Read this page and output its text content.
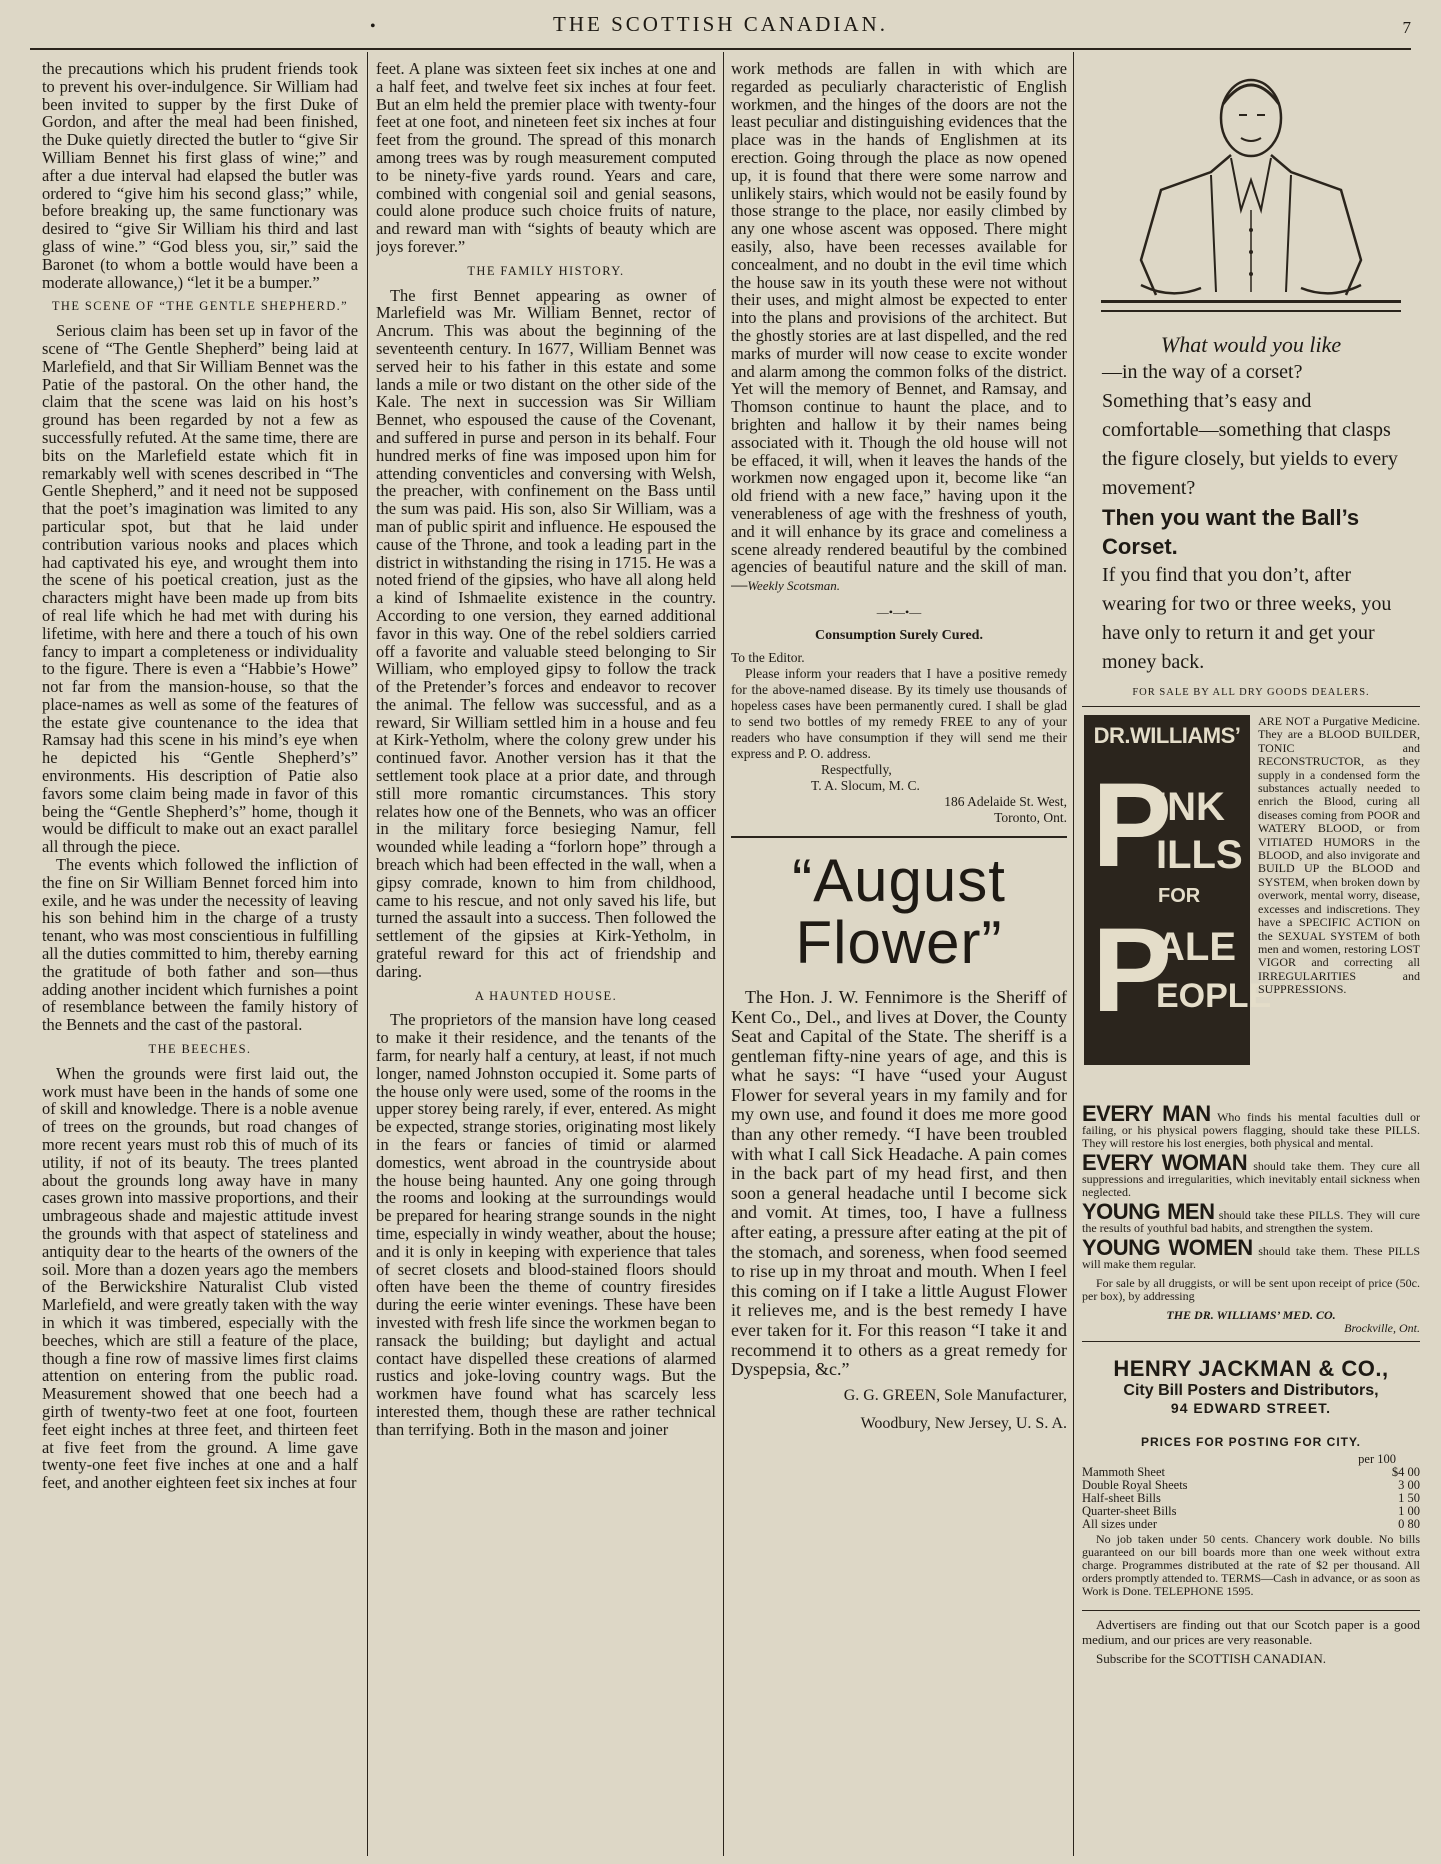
•	THE SCOTTISH CANADIAN.	7

the precautions which his prudent friends took to prevent his over-indulgence. Sir William had been invited to supper by the first Duke of Gordon, and after the meal had been finished, the Duke quietly directed the butler to “give Sir William Bennet his first glass of wine;” and after a due interval had elapsed the butler was ordered to “give him his second glass;” while, before breaking up, the same functionary was desired to “give Sir William his third and last glass of wine.” “God bless you, sir,” said the Baronet (to whom a bottle would have been a moderate allowance,) “let it be a bumper.”

THE SCENE OF “THE GENTLE SHEPHERD.”

Serious claim has been set up in favor of the scene of “The Gentle Shepherd” being laid at Marlefield, and that Sir William Bennet was the Patie of the pastoral. On the other hand, the claim that the scene was laid on his host’s ground has been regarded by not a few as successfully refuted. At the same time, there are bits on the Marlefield estate which fit in remarkably well with scenes described in “The Gentle Shepherd,” and it need not be supposed that the poet’s imagination was limited to any particular spot, but that he laid under contribution various nooks and places which had captivated his eye, and wrought them into the scene of his poetical creation, just as the characters might have been made up from bits of real life which he had met with during his lifetime, with here and there a touch of his own fancy to impart a completeness or individuality to the figure. There is even a “Habbie’s Howe” not far from the mansion-house, so that the place-names as well as some of the features of the estate give countenance to the idea that Ramsay had this scene in his mind’s eye when he depicted his “Gentle Shepherd’s” environments. His description of Patie also favors some claim being made in favor of this being the “Gentle Shepherd’s” home, though it would be difficult to make out an exact parallel all through the piece.

The events which followed the infliction of the fine on Sir William Bennet forced him into exile, and he was under the necessity of leaving his son behind him in the charge of a trusty tenant, who was most conscientious in fulfilling all the duties committed to him, thereby earning the gratitude of both father and son—thus adding another incident which furnishes a point of resemblance between the family history of the Bennets and the cast of the pastoral.

THE BEECHES.

When the grounds were first laid out, the work must have been in the hands of some one of skill and knowledge. There is a noble avenue of trees on the grounds, but road changes of more recent years must rob this of much of its utility, if not of its beauty. The trees planted about the grounds long away have in many cases grown into massive proportions, and their umbrageous shade and majestic attitude invest the grounds with that aspect of stateliness and antiquity dear to the hearts of the owners of the soil. More than a dozen years ago the members of the Berwickshire Naturalist Club visted Marlefield, and were greatly taken with the way in which it was timbered, especially with the beeches, which are still a feature of the place, though a fine row of massive limes first claims attention on entering from the public road. Measurement showed that one beech had a girth of twenty-two feet at one foot, fourteen feet eight inches at three feet, and thirteen feet at five feet from the ground. A lime gave twenty-one feet five inches at one and a half feet, and another eighteen feet six inches at four

feet. A plane was sixteen feet six inches at one and a half feet, and twelve feet six inches at four feet. But an elm held the premier place with twenty-four feet at one foot, and nineteen feet six inches at four feet from the ground. The spread of this monarch among trees was by rough measurement computed to be ninety-five yards round. Years and care, combined with congenial soil and genial seasons, could alone produce such choice fruits of nature, and reward man with “sights of beauty which are joys forever.”

THE FAMILY HISTORY.

The first Bennet appearing as owner of Marlefield was Mr. William Bennet, rector of Ancrum. This was about the beginning of the seventeenth century. In 1677, William Bennet was served heir to his father in this estate and some lands a mile or two distant on the other side of the Kale. The next in succession was Sir William Bennet, who espoused the cause of the Covenant, and suffered in purse and person in its behalf. Four hundred merks of fine was imposed upon him for attending conventicles and conversing with Welsh, the preacher, with confinement on the Bass until the sum was paid. His son, also Sir William, was a man of public spirit and influence. He espoused the cause of the Throne, and took a leading part in the district in withstanding the rising in 1715. He was a noted friend of the gipsies, who have all along held a kind of Ishmaelite existence in the country. According to one version, they earned additional favor in this way. One of the rebel soldiers carried off a favorite and valuable steed belonging to Sir William, who employed gipsy to follow the track of the Pretender’s forces and endeavor to recover the animal. The fellow was successful, and as a reward, Sir William settled him in a house and feu at Kirk-Yetholm, where the colony grew under his continued favor. Another version has it that the settlement took place at a prior date, and through still more romantic circumstances. This story relates how one of the Bennets, who was an officer in the military force besieging Namur, fell wounded while leading a “forlorn hope” through a breach which had been effected in the wall, when a gipsy comrade, known to him from childhood, came to his rescue, and not only saved his life, but turned the assault into a success. Then followed the settlement of the gipsies at Kirk-Yetholm, in grateful reward for this act of friendship and daring.

A HAUNTED HOUSE.

The proprietors of the mansion have long ceased to make it their residence, and the tenants of the farm, for nearly half a century, at least, if not much longer, named Johnston occupied it. Some parts of the house only were used, some of the rooms in the upper storey being rarely, if ever, entered. As might be expected, strange stories, originating most likely in the fears or fancies of timid or alarmed domestics, went abroad in the countryside about the house being haunted. Any one going through the rooms and looking at the surroundings would be prepared for hearing strange sounds in the night time, especially in windy weather, about the house; and it is only in keeping with experience that tales of secret closets and blood-stained floors should often have been the theme of country firesides during the eerie winter evenings. These have been invested with fresh life since the workmen began to ransack the building; but daylight and actual contact have dispelled these creations of alarmed rustics and joke-loving country wags. But the workmen have found what has scarcely less interested them, though these are rather technical than terrifying. Both in the mason and joiner

work methods are fallen in with which are regarded as peculiarly characteristic of English workmen, and the hinges of the doors are not the least peculiar and distinguishing evidences that the place was in the hands of Englishmen at its erection. Going through the place as now opened up, it is found that there were some narrow and unlikely stairs, which would not be easily found by those strange to the place, nor easily climbed by any one whose ascent was opposed. There might easily, also, have been recesses available for concealment, and no doubt in the evil time which the house saw in its youth these were not without their uses, and might almost be expected to enter into the plans and provisions of the architect. But the ghostly stories are at last dispelled, and the red marks of murder will now cease to excite wonder and alarm among the common folks of the district. Yet will the memory of Bennet, and Ramsay, and Thomson continue to haunt the place, and to brighten and hallow it by their names being associated with it. Though the old house will not be effaced, it will, when it leaves the hands of the workmen now engaged upon it, become like “an old friend with a new face,” having upon it the venerableness of age with the freshness of youth, and it will enhance by its grace and comeliness a scene already rendered beautiful by the combined agencies of beautiful nature and the skill of man.—Weekly Scotsman.

—•—•—
Consumption Surely Cured.
To the Editor.
Please inform your readers that I have a positive remedy for the above-named disease. By its timely use thousands of hopeless cases have been permanently cured. I shall be glad to send two bottles of my remedy FREE to any of your readers who have consumption if they will send me their express and P. O. address.
Respectfully,
T. A. Slocum, M. C.
186 Adelaide St. West,
Toronto, Ont.
“August
Flower”
The Hon. J. W. Fennimore is the Sheriff of Kent Co., Del., and lives at Dover, the County Seat and Capital of the State. The sheriff is a gentleman fifty-nine years of age, and this is what he says: “I have “used your August Flower for several years in my family and for my own use, and found it does me more good than any other remedy. “I have been troubled with what I call Sick Headache. A pain comes in the back part of my head first, and then soon a general headache until I become sick and vomit. At times, too, I have a fullness after eating, a pressure after eating at the pit of the stomach, and soreness, when food seemed to rise up in my throat and mouth. When I feel this coming on if I take a little August Flower it relieves me, and is the best remedy I have ever taken for it. For this reason “I take it and recommend it to others as a great remedy for Dyspepsia, &c.”
G. G. GREEN, Sole Manufacturer,
Woodbury, New Jersey, U. S. A.
What would you like
—in the way of a corset?
Something that’s easy and comfortable—something that clasps the figure closely, but yields to every movement?
Then you want the Ball’s Corset.
If you find that you don’t, after wearing for two or three weeks, you have only to return it and get your money back.
FOR SALE BY ALL DRY GOODS DEALERS.
DR.WILLIAMS’
P
INK
ILLS
FOR
P
ALE
EOPLE
ARE NOT a Purgative Medicine. They are a BLOOD BUILDER, TONIC and RECONSTRUCTOR, as they supply in a condensed form the substances actually needed to enrich the Blood, curing all diseases coming from POOR and WATERY BLOOD, or from VITIATED HUMORS in the BLOOD, and also invigorate and BUILD UP the BLOOD and SYSTEM, when broken down by overwork, mental worry, disease, excesses and indiscretions. They have a SPECIFIC ACTION on the SEXUAL SYSTEM of both men and women, restoring LOST VIGOR and correcting all IRREGULARITIES and SUPPRESSIONS.

EVERY MAN Who finds his mental faculties dull or failing, or his physical powers flagging, should take these PILLS. They will restore his lost energies, both physical and mental.

EVERY WOMAN should take them. They cure all suppressions and irregularities, which inevitably entail sickness when neglected.

YOUNG MEN should take these PILLS. They will cure the results of youthful bad habits, and strengthen the system.

YOUNG WOMEN should take them. These PILLS will make them regular.

For sale by all druggists, or will be sent upon receipt of price (50c. per box), by addressing

THE DR. WILLIAMS’ MED. CO.

Brockville, Ont.

HENRY JACKMAN & CO.,
City Bill Posters and Distributors,
94 EDWARD STREET.
PRICES FOR POSTING FOR CITY.
per 100
Mammoth Sheet	$4 00
Double Royal Sheets	3 00
Half-sheet Bills	1 50
Quarter-sheet Bills	1 00
All sizes under	0 80
No job taken under 50 cents. Chancery work double. No bills guaranteed on our bill boards more than one week without extra charge. Programmes distributed at the rate of $2 per thousand. All orders promptly attended to. TERMS—Cash in advance, or as soon as Work is Done. TELEPHONE 1595.
Advertisers are finding out that our Scotch paper is a good medium, and our prices are very reasonable.
Subscribe for the SCOTTISH CANADIAN.
